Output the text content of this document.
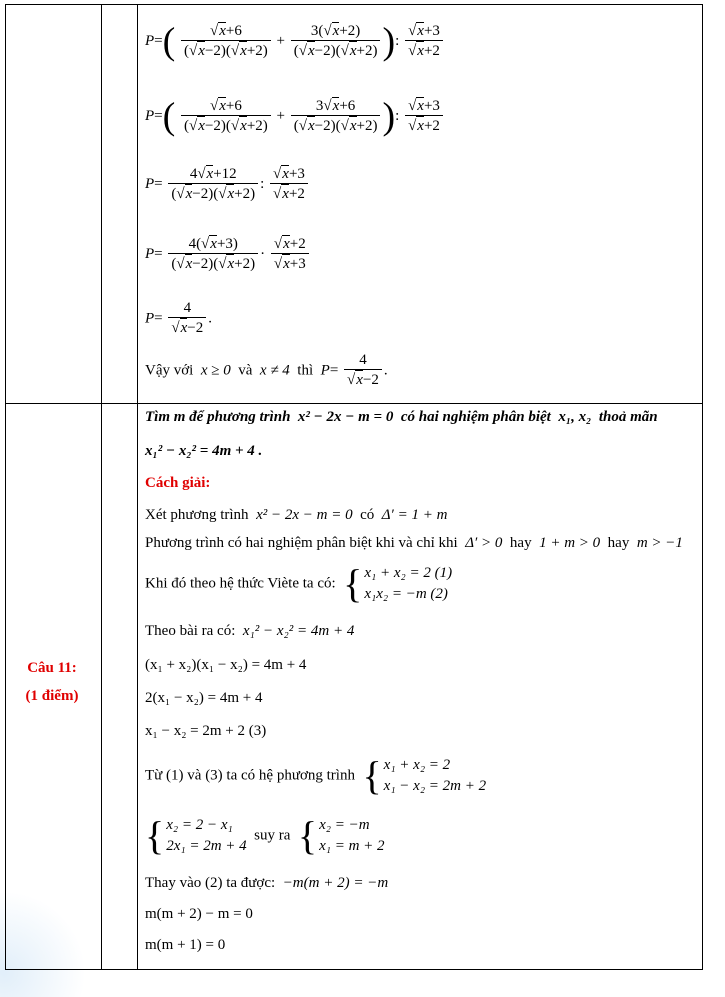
Câu 11:
(1 điểm)
$P=( \frac{√x+6}{(√x-2)(√x+2)} + \frac{3(√x+2)}{(√x-2)(√x+2)}$ ): $\frac{√x+3}{√x+2}$
$P=( \frac{√x+6}{(√x-2)(√x+2)} + \frac{3√x+6}{(√x-2)(√x+2)}$ ): $\frac{√x+3}{√x+2}$
$P= \frac{4√x+12}{(√x-2)(√x+2)}$ : $\frac{√x+3}{√x+2}$
$P= \frac{4(√x+3)}{(√x-2)(√x+2)} \cdot \frac{√x+2}{√x+3}$
$P= \frac{4}{√x-2}$ .
Vậy với x ≥ 0 và x ≠ 4 thì $P= \frac{4}{√x-2}$ .
Tìm m để phương trình x² − 2x − m = 0 có hai nghiệm phân biệt x₁, x₂ thoả mãn
x₁² − x₂² = 4m + 4 .
Cách giải:
Xét phương trình x² − 2x − m = 0 có Δ′ = 1 + m
Phương trình có hai nghiệm phân biệt khi và chỉ khi Δ′ > 0 hay 1 + m > 0 hay m > −1
Khi đó theo hệ thức Viète ta có: { x₁ + x₂ = 2 (1)
x₁x₂ = −m (2)
Theo bài ra có: x₁² − x₂² = 4m + 4
(x₁ + x₂)(x₁ − x₂) = 4m + 4
2(x₁ − x₂) = 4m + 4
x₁ − x₂ = 2m + 2 (3)
Từ (1) và (3) ta có hệ phương trình { x₁ + x₂ = 2
x₁ − x₂ = 2m + 2
{ x₂ = 2 − x₁
2x₁ = 2m + 4
suy ra { x₂ = −m
x₁ = m + 2
Thay vào (2) ta được: −m(m + 2) = −m
m(m + 2) − m = 0
m(m + 1) = 0
